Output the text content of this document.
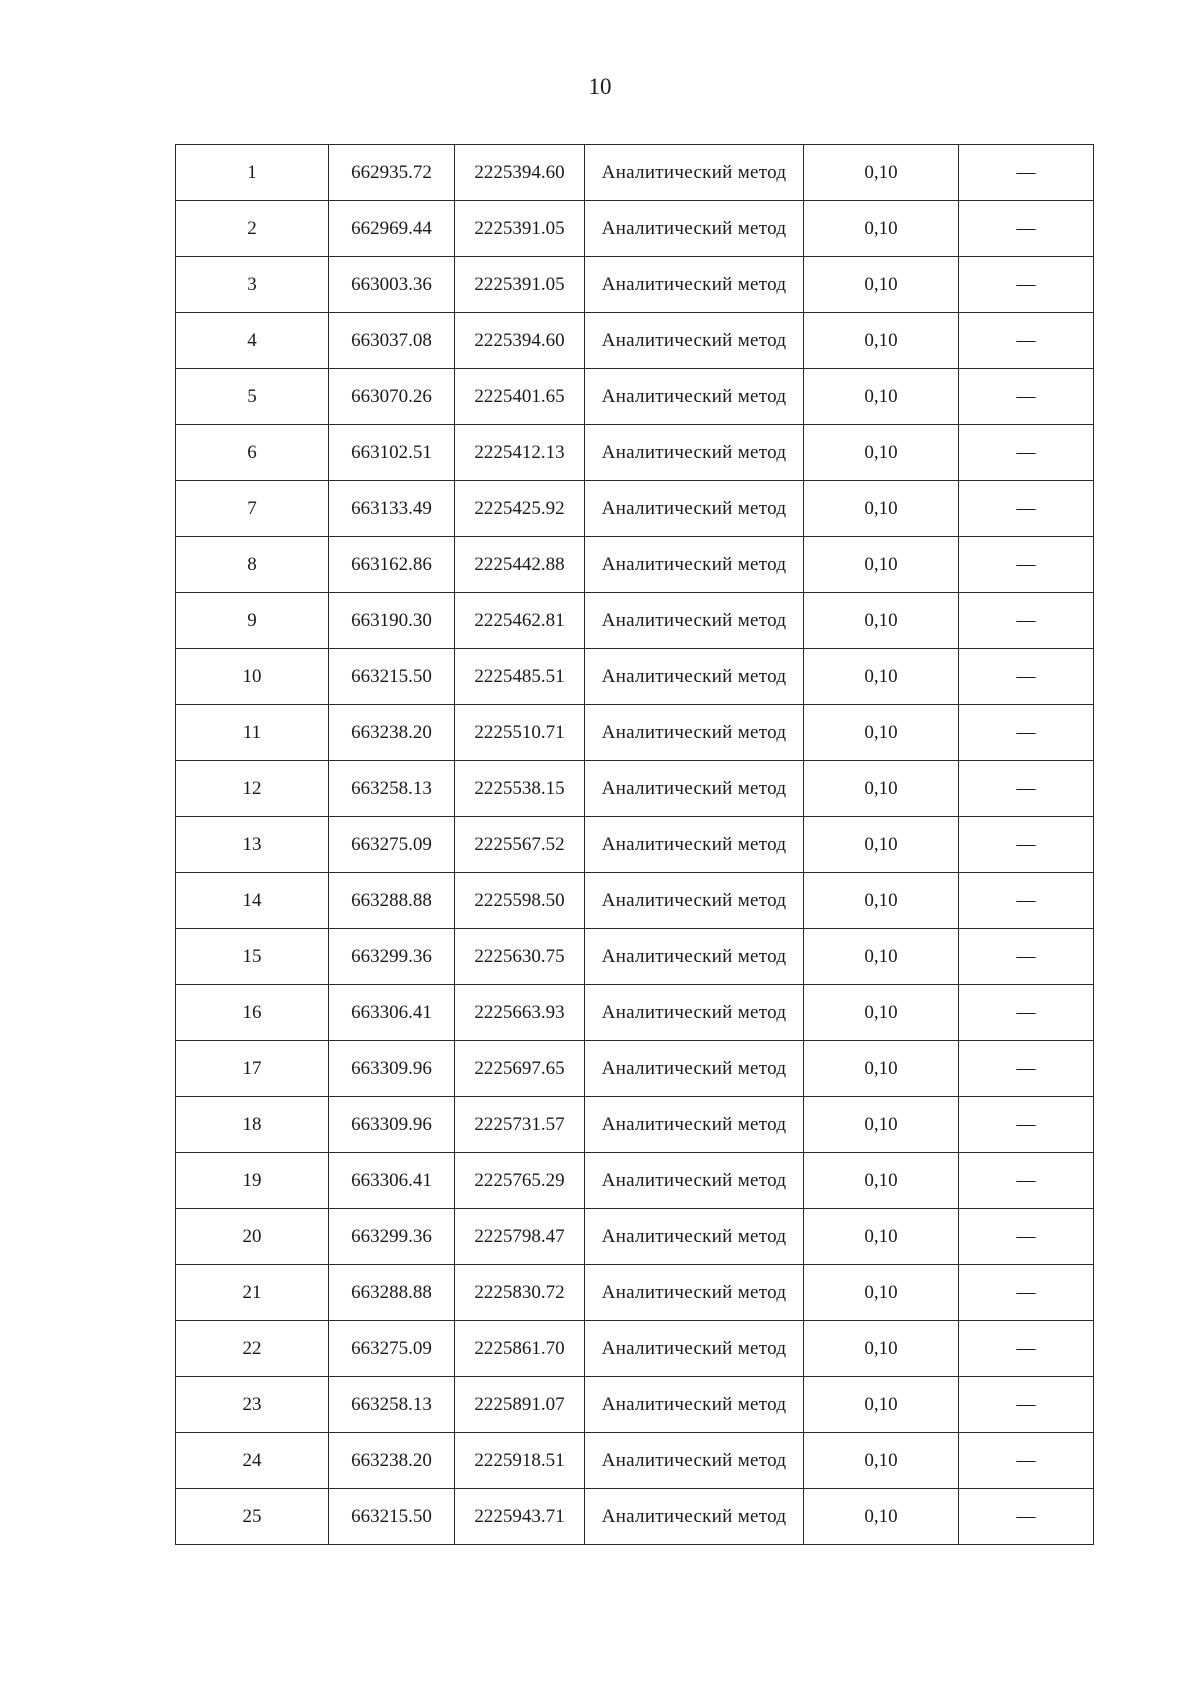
10
1	662935.72	2225394.60	Аналитический метод	0,10	—
2	662969.44	2225391.05	Аналитический метод	0,10	—
3	663003.36	2225391.05	Аналитический метод	0,10	—
4	663037.08	2225394.60	Аналитический метод	0,10	—
5	663070.26	2225401.65	Аналитический метод	0,10	—
6	663102.51	2225412.13	Аналитический метод	0,10	—
7	663133.49	2225425.92	Аналитический метод	0,10	—
8	663162.86	2225442.88	Аналитический метод	0,10	—
9	663190.30	2225462.81	Аналитический метод	0,10	—
10	663215.50	2225485.51	Аналитический метод	0,10	—
11	663238.20	2225510.71	Аналитический метод	0,10	—
12	663258.13	2225538.15	Аналитический метод	0,10	—
13	663275.09	2225567.52	Аналитический метод	0,10	—
14	663288.88	2225598.50	Аналитический метод	0,10	—
15	663299.36	2225630.75	Аналитический метод	0,10	—
16	663306.41	2225663.93	Аналитический метод	0,10	—
17	663309.96	2225697.65	Аналитический метод	0,10	—
18	663309.96	2225731.57	Аналитический метод	0,10	—
19	663306.41	2225765.29	Аналитический метод	0,10	—
20	663299.36	2225798.47	Аналитический метод	0,10	—
21	663288.88	2225830.72	Аналитический метод	0,10	—
22	663275.09	2225861.70	Аналитический метод	0,10	—
23	663258.13	2225891.07	Аналитический метод	0,10	—
24	663238.20	2225918.51	Аналитический метод	0,10	—
25	663215.50	2225943.71	Аналитический метод	0,10	—
